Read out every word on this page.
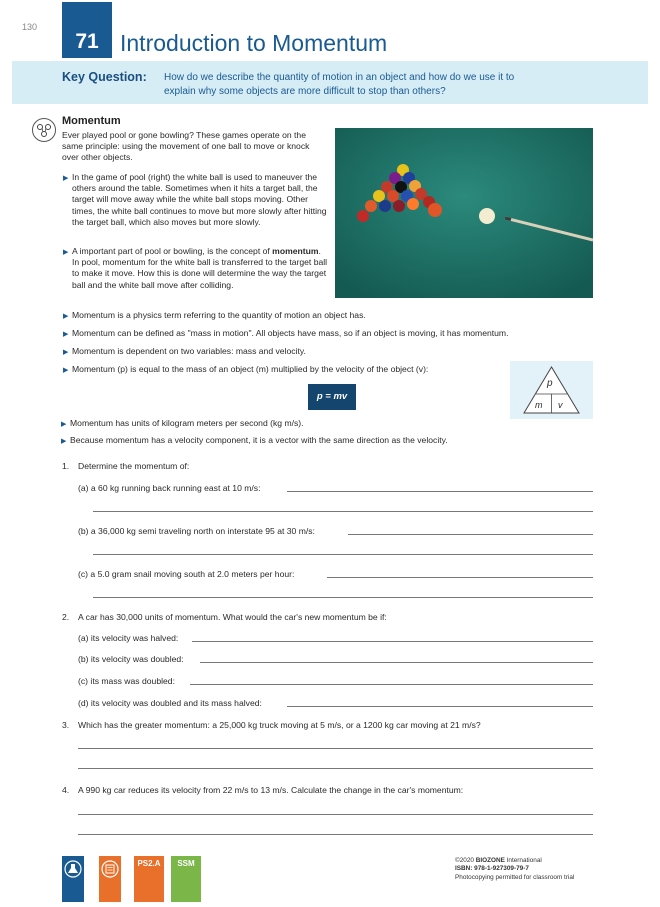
130
71 Introduction to Momentum
Key Question: How do we describe the quantity of motion in an object and how do we use it to
explain why some objects are more difficult to stop than others?
Momentum
Ever played pool or gone bowling? These games operate on the same principle: using the movement of one ball to move or knock over other objects.
▶ In the game of pool (right) the white ball is used to maneuver the others around the table. Sometimes when it hits a target ball, the target will move away while the white ball stops moving. Other times, the white ball continues to move but more slowly after hitting the target ball, which also moves but more slowly.
▶ A important part of pool or bowling, is the concept of momentum. In pool, momentum for the white ball is transferred to the target ball to make it move. How this is done will determine the way the target ball and the white ball move after colliding.
▶ Momentum is a physics term referring to the quantity of motion an object has.
▶ Momentum can be defined as "mass in motion". All objects have mass, so if an object is moving, it has momentum.
▶ Momentum is dependent on two variables: mass and velocity.
▶ Momentum (p) is equal to the mass of an object (m) multiplied by the velocity of the object (v):
p = mv
p
m v
▶ Momentum has units of kilogram meters per second (kg m/s).
▶ Because momentum has a velocity component, it is a vector with the same direction as the velocity.
1. Determine the momentum of:
(a) a 60 kg running back running east at 10 m/s:
(b) a 36,000 kg semi traveling north on interstate 95 at 30 m/s:
(c) a 5.0 gram snail moving south at 2.0 meters per hour:
2. A car has 30,000 units of momentum. What would the car's new momentum be if:
(a) its velocity was halved:
(b) its velocity was doubled:
(c) its mass was doubled:
(d) its velocity was doubled and its mass halved:
3. Which has the greater momentum: a 25,000 kg truck moving at 5 m/s, or a 1200 kg car moving at 21 m/s?
4. A 990 kg car reduces its velocity from 22 m/s to 13 m/s. Calculate the change in the car's momentum:
PS2.A	SSM	©2020 BIOZONE International
ISBN: 978-1-927309-79-7
Photocopying permitted for classroom trial
